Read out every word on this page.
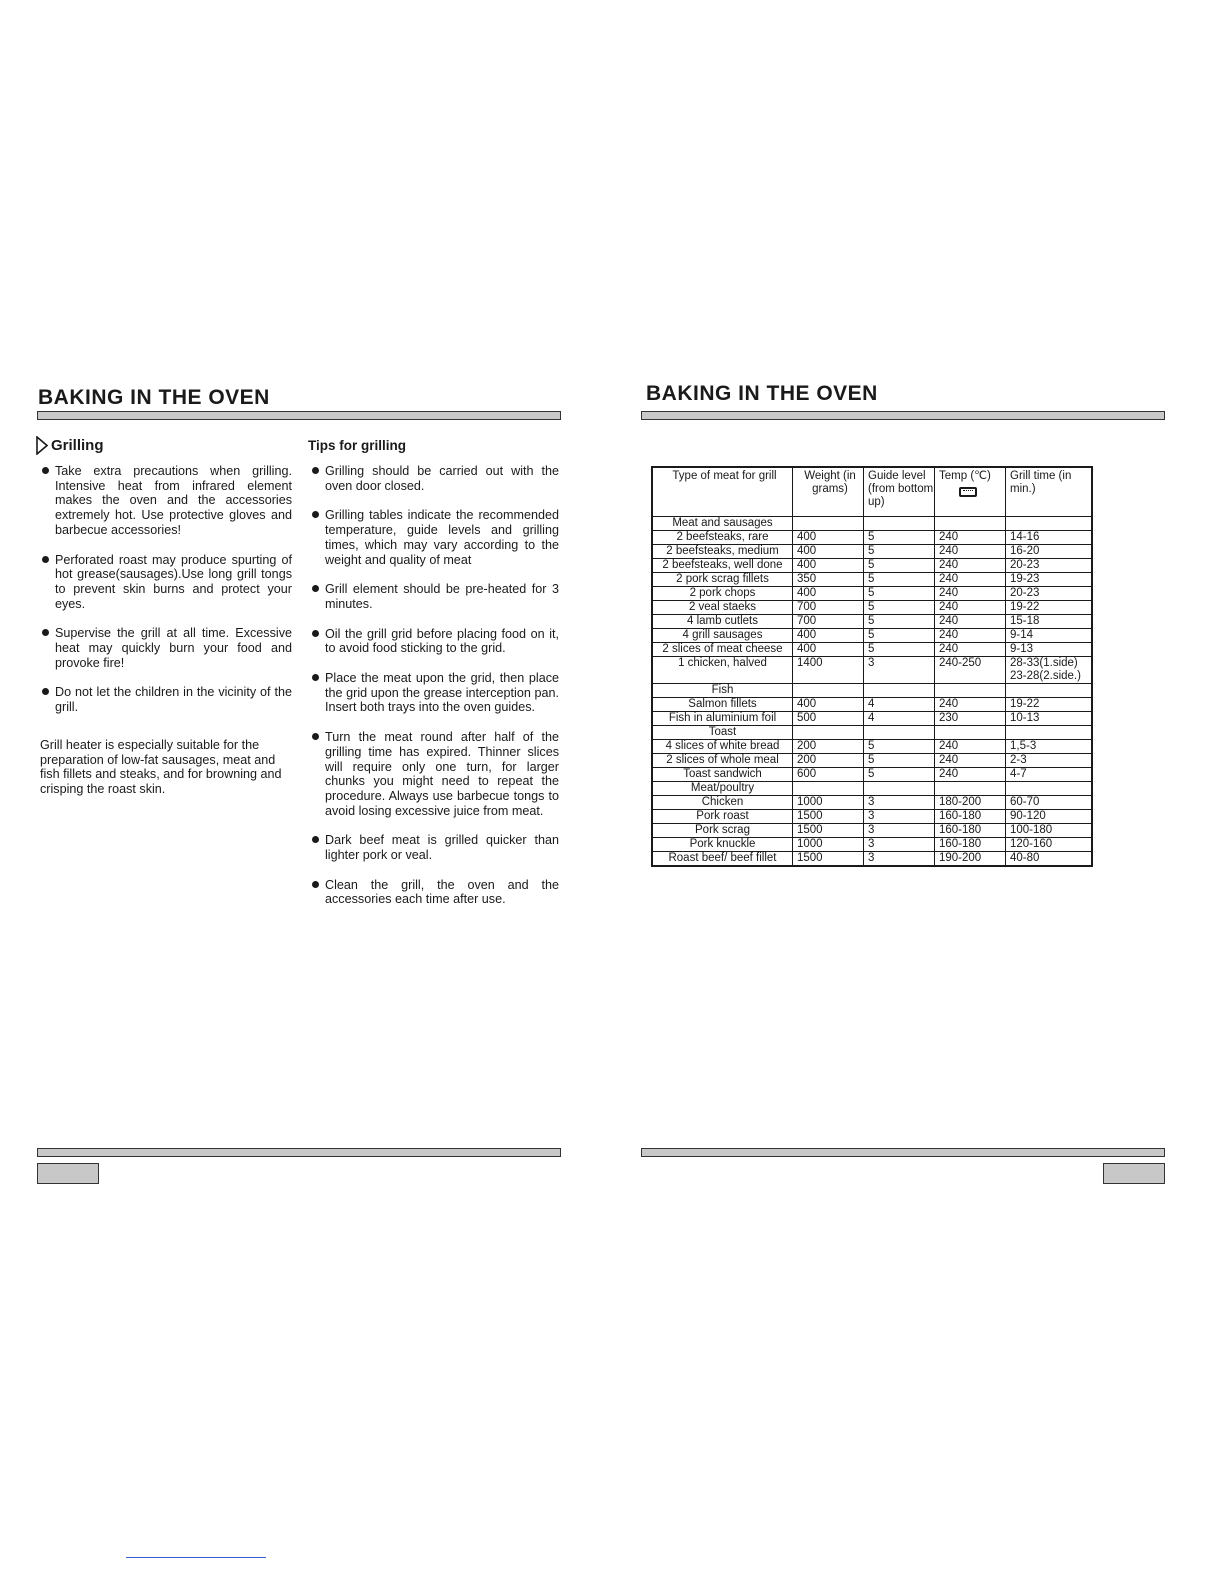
BAKING IN THE OVEN
Grilling

Take extra precautions when grilling. Intensive heat from infrared element makes the oven and the accessories extremely hot. Use protective gloves and barbecue accessories!

Perforated roast may produce spurting of hot grease(sausages).Use long grill tongs to prevent skin burns and protect your eyes.

Supervise the grill at all time. Excessive heat may quickly burn your food and provoke fire!

Do not let the children in the vicinity of the grill.

Grill heater is especially suitable for the preparation of low-fat sausages, meat and fish fillets and steaks, and for browning and crisping the roast skin.

Tips for grilling

Grilling should be carried out with the oven door closed.

Grilling tables indicate the recommended temperature, guide levels and grilling times, which may vary according to the weight and quality of meat

Grill element should be pre-heated for 3 minutes.

Oil the grill grid before placing food on it, to avoid food sticking to the grid.

Place the meat upon the grid, then place the grid upon the grease interception pan. Insert both trays into the oven guides.

Turn the meat round after half of the grilling time has expired. Thinner slices will require only one turn, for larger chunks you might need to repeat the procedure. Always use barbecue tongs to avoid losing excessive juice from meat.

Dark beef meat is grilled quicker than lighter pork or veal.

Clean the grill, the oven and the accessories each time after use.

BAKING IN THE OVEN
Type of meat for grill	Weight (in grams)	Guide level (from bottom up)	Temp (℃)	Grill time (in min.)
Meat and sausages				
2 beefsteaks, rare	400	5	240	14-16
2 beefsteaks, medium	400	5	240	16-20
2 beefsteaks, well done	400	5	240	20-23
2 pork scrag fillets	350	5	240	19-23
2 pork chops	400	5	240	20-23
2 veal staeks	700	5	240	19-22
4 lamb cutlets	700	5	240	15-18
4 grill sausages	400	5	240	9-14
2 slices of meat cheese	400	5	240	9-13
1 chicken, halved	1400	3	240-250	28-33(1.side) 23-28(2.side.)
Fish				
Salmon fillets	400	4	240	19-22
Fish in aluminium foil	500	4	230	10-13
Toast				
4 slices of white bread	200	5	240	1,5-3
2 slices of whole meal	200	5	240	2-3
Toast sandwich	600	5	240	4-7
Meat/poultry				
Chicken	1000	3	180-200	60-70
Pork roast	1500	3	160-180	90-120
Pork scrag	1500	3	160-180	100-180
Pork knuckle	1000	3	160-180	120-160
Roast beef/ beef fillet	1500	3	190-200	40-80
